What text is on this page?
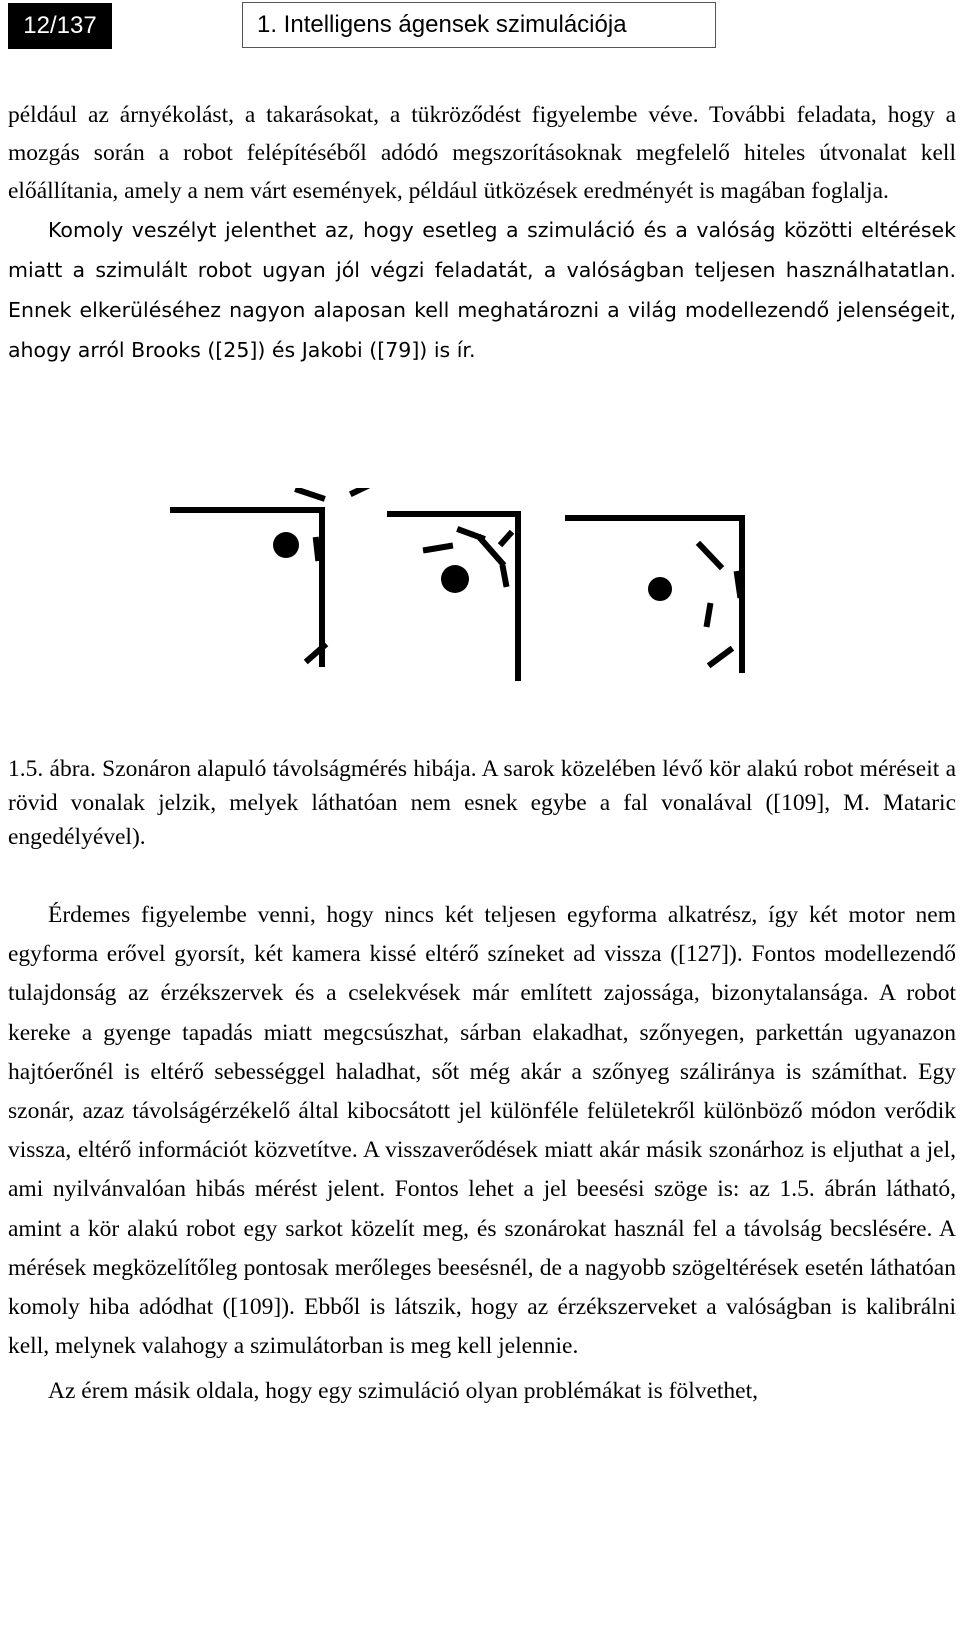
12/137	1. Intelligens ágensek szimulációja

például az árnyékolást, a takarásokat, a tükröződést figyelembe véve. További feladata, hogy a mozgás során a robot felépítéséből adódó megszorításoknak megfelelő hiteles útvonalat kell előállítania, amely a nem várt események, például ütközések eredményét is magában foglalja.

Komoly veszélyt jelenthet az, hogy esetleg a szimuláció és a valóság közötti eltérések miatt a szimulált robot ugyan jól végzi feladatát, a valóságban teljesen használhatatlan. Ennek elkerüléséhez nagyon alaposan kell meghatározni a világ modellezendő jelenségeit, ahogy arról Brooks ([25]) és Jakobi ([79]) is ír.

1.5. ábra. Szonáron alapuló távolságmérés hibája. A sarok közelében lévő kör alakú robot méréseit a rövid vonalak jelzik, melyek láthatóan nem esnek egybe a fal vonalával ([109], M. Mataric engedélyével).

Érdemes figyelembe venni, hogy nincs két teljesen egyforma alkatrész, így két motor nem egyforma erővel gyorsít, két kamera kissé eltérő színeket ad vissza ([127]). Fontos modellezendő tulajdonság az érzékszervek és a cselekvések már említett zajossága, bizonytalansága. A robot kereke a gyenge tapadás miatt megcsúszhat, sárban elakadhat, szőnyegen, parkettán ugyanazon hajtóerőnél is eltérő sebességgel haladhat, sőt még akár a szőnyeg száliránya is számíthat. Egy szonár, azaz távolságérzékelő által kibocsátott jel különféle felületekről különböző módon verődik vissza, eltérő információt közvetítve. A visszaverődések miatt akár másik szonárhoz is eljuthat a jel, ami nyilvánvalóan hibás mérést jelent. Fontos lehet a jel beesési szöge is: az 1.5. ábrán látható, amint a kör alakú robot egy sarkot közelít meg, és szonárokat használ fel a távolság becslésére. A mérések megközelítőleg pontosak merőleges beesésnél, de a nagyobb szögeltérések esetén láthatóan komoly hiba adódhat ([109]). Ebből is látszik, hogy az érzékszerveket a valóságban is kalibrálni kell, melynek valahogy a szimulátorban is meg kell jelennie.

Az érem másik oldala, hogy egy szimuláció olyan problémákat is fölvethet,
